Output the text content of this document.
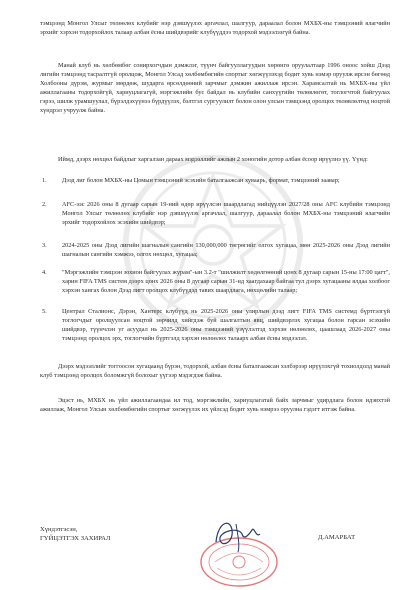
тэмцээнд Монгол Улсыг төлөөлөх клубийг нэр дэвшүүлэх аргачлал, шалгуур, дараалал болон МХБХ-ны тэмцээний ялагчийн эрхийг хэрхэн тодорхойлох талаар албан ёсны шийдвэрийг клубүүддээ тодорхой мэдээлээгүй байна.

Манай клуб нь хөлбөмбөг сонирхогчдын дэмжлэг, түүнч байгууллагуудын хөрөнгө оруулалтаар 1996 оноос хойш Дээд лигийн тэмцээнд тасралтгүй оролцож, Монгол Улсад хөлбөмбөгийн спортыг хөгжүүлэхэд бодит хувь нэмэр оруулж ирсэн бөгөөд Холбооны дүрэм, журмыг мөрдөж, шударга өрсөлдөөний зарчмыг дэмжин ажиллаж ирсэн. Харамсалтай нь МХБХ-ны үйл ажиллагааны тодорхойгүй, хариуцлагагүй, мэргэжлийн бус байдал нь клубийн санхүүгийн төлөвлөгөт, тоглогчтой байгуулах гэрээ, шилж урамшуулал, бүрэлдэхүүнээ бүрдүүлэх, бэлтгэл сургуулилт болон олон улсын тэмцээнд оролцох төлөвлөлтөд ноцтой хүндрэл учруулж байна.

Иймд, дээрх нөхцөл байдлыг харгалзан дараах мэдээллийг ажлын 2 хоногийн дотор албан ёсоор ирүүлнэ үү. Үүнд:

1. Дээд лиг болон МХБХ-ны Цомын тэмцээний эсэхийн баталгаажсан хуваарь, формат, тэмцээний заавар;
2. AFC-ээс 2026 оны 8 дугаар сарын 19-ний өдөр ирүүлсэн шаардлагад нийцүүлэн 2027/28 оны AFC клубийн тэмцээнд Монгол Улсыг төлөөлөх клубийг нэр дэвшүүлэх аргачлал, шалгуур, дараалал болон МХБХ-ны тэмцээний ялагчийн эрхийг тодорхойлох эсэхийн шийдвэр;
3. 2024-2025 оны Дээд лигийн шагналын сангийн 130,000,000 төгрөгийг олгох хугацаа, мөн 2025-2026 оны Дээд лигийн шагналын сангийн хэмжээ, олгох нөхцөл, хугацаа;
4. "Мэргэжлийн тэмцээн зохион байгуулах журам"-ын 3.2-т "шилжилт хөдөлгөөний цонх 8 дугаар сарын 15-ны 17:00 цагт", харин FIFA TMS систем дээрх цонх 2026 оны 8 дугаар сарын 31-нд хаагдахаар байгаа тул дээрх хугацааны ялдаа холбоог хэрхэн хангах болон Дээд лигт оролцох клубүүдэд тавих шаардлага, нөхцөлийн талаар;
5. Централ Сталионс, Дэрэн, Хантерс клубүүд нь 2025-2026 оны улирлын дээд лигт FIFA TMS системд бүртгэлгүй тоглогчдыг оролцуулсан ноцтой зөрчилд хийгдэж буй шалгалтын явц, шийдвэрлэх хугацаа болон гарсан эсэхийн шийдвэр, түүнчлэн уг асуудал нь 2025-2026 оны тэмцээний үзүүлэлтэд хэрхэн нөлөөлөх, цаашлаад 2026-2027 оны тэмцээнд оролцох эрх, тоглогчийн бүртгэлд хэрхэн нөлөөлөх талаарх албан ёсны мэдээлэл.

Дээрх мэдээллийг тоггоосон хугацаанд бүрэн, тодорхой, албан ёсны баталгаажсан хэлбэрээр ирүүлэхгүй тохиолдолд манай клуб тэмцээнд оролцох боломжгүй болохыг үүгээр мэдэгдэж байна.

Эцэст нь, МХБХ нь үйл ажиллагаандаа ил тод, мэргэжлийн, хариуцлагатай байх зарчмыг удирдлага болон идэвхтэй ажиллаж, Монгол Улсын хөлбөмбөгийн спортыг хөгжүүлэх их үйлсэд бодит хувь нэмрээ оруулна гэдэгт итгэж байна.

Хүндэтгэсэн,
ГҮЙЦЭТГЭХ ЗАХИРАЛ	Д.АМАРБАТ
